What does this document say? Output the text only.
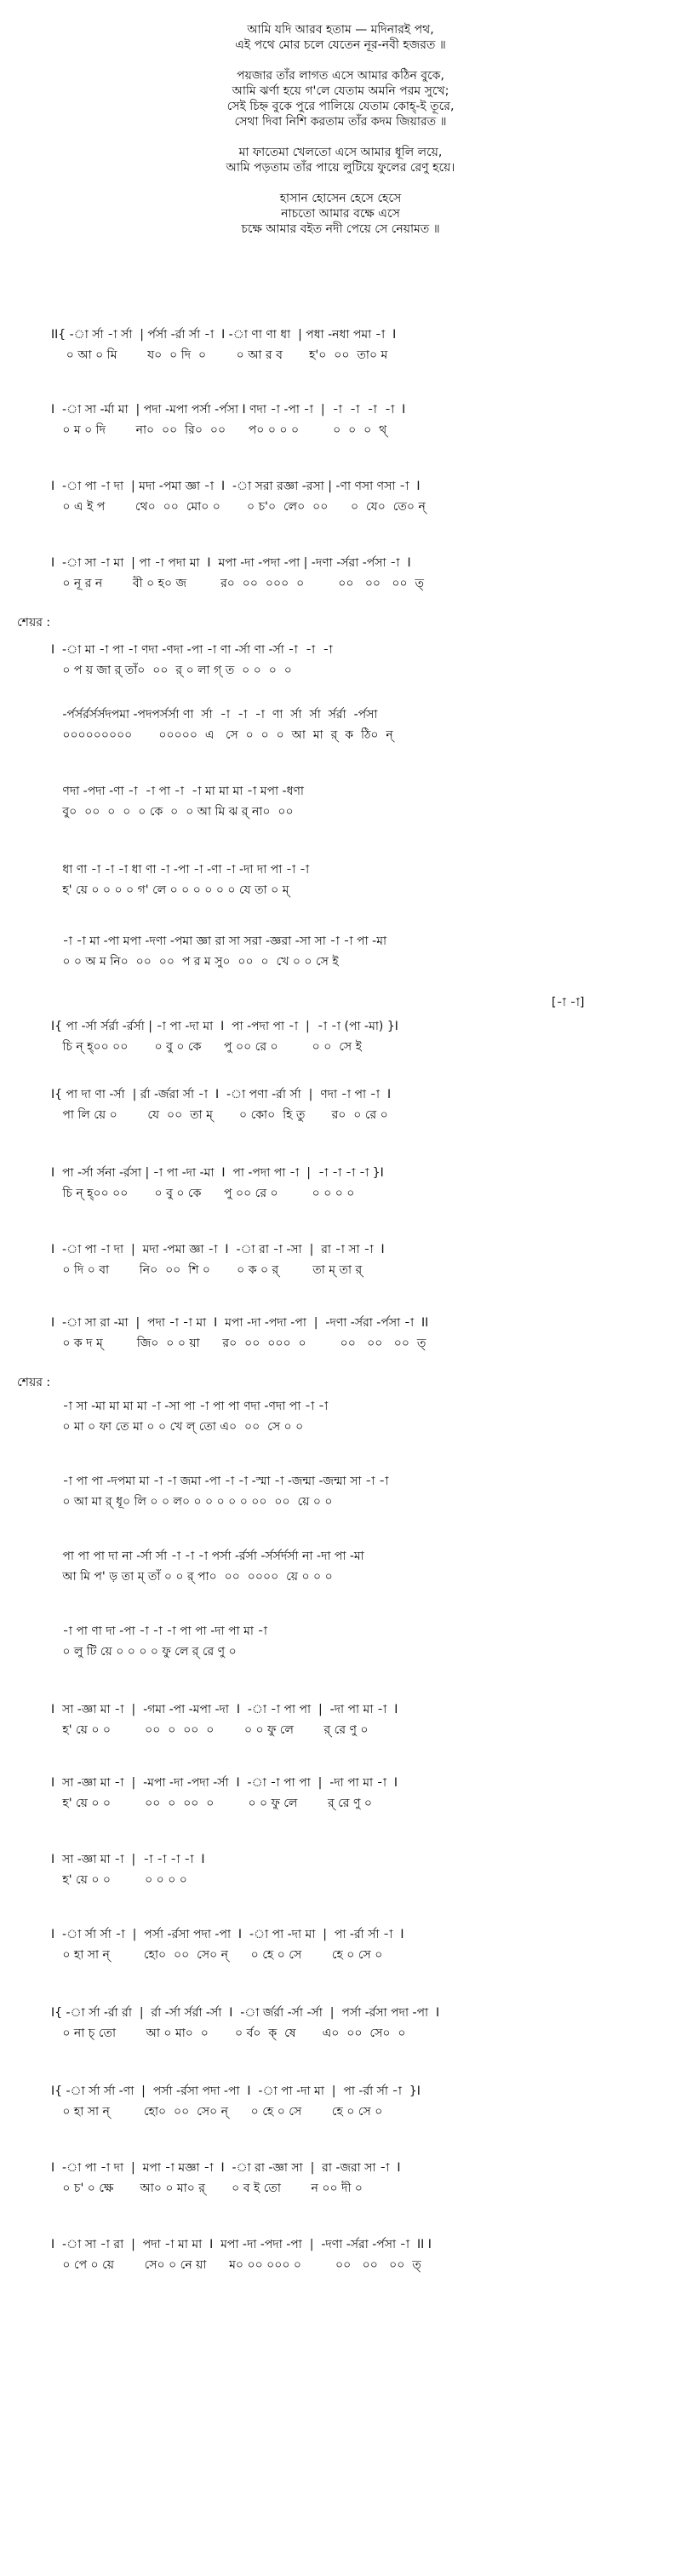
আমি যদি আরব হতাম — মদিনারই পথ,
এই পথে মোর চলে যেতেন নূর-নবী হজরত ॥
পয়জার তাঁর লাগত এসে আমার কঠিন বুকে,
আমি ঝর্ণা হয়ে গ'লে যেতাম অমনি পরম সুখে;
সেই চিহ্ন বুকে পুরে পালিয়ে যেতাম কোহ্-ই তূরে,
সেথা দিবা নিশি করতাম তাঁর কদম জিয়ারত ॥
মা ফাতেমা খেলতো এসে আমার ধূলি লয়ে,
আমি পড়তাম তাঁর পায়ে লুটিয়ে ফুলের রেণু হয়ে।
হাসান হোসেন হেসে হেসে
নাচতো আমার বক্ষে এসে
চক্ষে আমার বইত নদী পেয়ে সে নেয়ামত ॥
II{ -া র্সা -া র্সা  | র্পর্সা -র্রা র্সা -া  I -া ণা ণা ধা  | পধা -নধা পমা -া  I
০ আ ০ মি        য০  ০ দি  ০        ০ আ র ব       হ'০  ০০  তা০ ম
I  -া সা -র্মা মা  | পদা -মপা পর্সা -র্পসা I ণদা -া -পা -া  |  -া  -া  -া  -া  I
০ ম ০ দি        না০  ০০  রি০  ০০      প০ ০ ০ ০         ০  ০  ০  থ্
I  -া পা -া দা  | মদা -পমা জ্ঞা -া  I  -া সরা রজ্ঞা -রসা | -ণা ণসা ণসা -া  I
০ এ ই প        থে০  ০০  মো০ ০       ০ চ'০  লে০  ০০      ০  যে০  তে০ ন্
I  -া সা -া মা  | পা -া পদা মা  I  মপা -দা -পদা -পা | -দণা -র্সরা -র্পসা -া  I
০ নূ র ন        বী ০ হ০ জ         র০  ০০  ০০০  ০         ০০   ০০   ০০  ত্
শেয়র :
I  -া মা -া পা -া ণদা -ণদা -পা -া ণা -র্সা ণা -র্সা -া  -া  -া
০ প য় জা র্ তাঁ০  ০০  র্ ০ লা গ্ ত  ০ ০  ০  ০
-র্পর্সর্রর্সর্সদপমা -পদপর্সর্সা ণা  র্সা  -া  -া  -া  ণা  র্সা  র্সা  র্সর্রা  -র্পসা
০০০০০০০০০       ০০০০০  এ   সে  ০  ০  ০  আ  মা  র্  ক  ঠি০  ন্
ণদা -পদা -ণা -া  -া পা -া  -া মা মা মা -া মপা -ধণা
বু০  ০০  ০  ০  ০ কে  ০  ০ আ মি ঝ র্ না০  ০০
ধা ণা -া -া -া ধা ণা -া -পা -া -ণা -া -দা দা পা -া -া
হ' য়ে ০ ০ ০ ০ গ' লে ০ ০ ০ ০ ০ ০ যে তা ০ ম্
-া -া মা -পা মপা -দণা -পমা জ্ঞা রা সা সরা -জ্ঞরা -সা সা -া -া পা -মা
০ ০ অ ম নি০  ০০  ০০  প র ম সু০  ০০  ০  খে ০ ০ সে ই
[-া -া]
I{ পা -র্সা র্সর্রা -র্রর্সা | -া পা -দা মা  I  পা -পদা পা -া  |  -া -া (পা -মা) }I
চি ন্ হ্০০ ০০       ০ বু ০ কে      পু ০০ রে ০         ০ ০  সে ই
I{ পা দা ণা -র্সা  | র্রা -র্জরা র্সা -া  I  -া পণা -র্রা র্সা  |  ণদা -া পা -া  I
পা লি য়ে ০        যে  ০০  তা ম্       ০ কো০  হি তু       র০  ০ রে ০
I  পা -র্সা র্সনা -র্রসা | -া পা -দা -মা  I  পা -পদা পা -া  |  -া -া -া -া }I
চি ন্ হ্০০ ০০       ০ বু ০ কে      পু ০০ রে ০         ০ ০ ০ ০
I  -া পা -া দা  |  মদা -পমা জ্ঞা -া  I  -া রা -া -সা  |  রা -া সা -া  I
০ দি ০ বা        নি০  ০০  শি ০       ০ ক ০ র্         তা ম্ তা র্
I  -া সা রা -মা  |  পদা -া -া মা  I  মপা -দা -পদা -পা  |  -দণা -র্সরা -র্পসা -া  II
০ ক দ ম্         জি০  ০ ০ য়া      র০  ০০  ০০০  ০         ০০   ০০   ০০  ত্
শেয়র :
-া সা -মা মা মা মা -া -সা পা -া পা পা ণদা -ণদা পা -া -া
০ মা ০ ফা তে মা ০ ০ খে ল্ তো এ০  ০০  সে ০ ০
-া পা পা -দপমা মা -া -া জমা -পা -া -া -স্মা -া -জন্মা -জন্মা সা -া -া
০ আ মা র্ ধূ০ লি ০ ০ ল০ ০ ০ ০ ০ ০ ০০  ০০  য়ে ০ ০
পা পা পা দা না -র্সা র্সা -া -া -া পর্সা -র্রর্সা -র্সর্সর্দর্সা না -দা পা -মা
আ মি প' ড় তা ম্ তাঁ ০ ০ র্ পা০  ০০  ০০০০  য়ে ০ ০ ০
-া পা ণা দা -পা -া -া -া পা পা -দা পা মা -া
০ লু টি য়ে ০ ০ ০ ০ ফু লে র্ রে ণু ০
I  সা -জ্ঞা মা -া  |  -গমা -পা -মপা -দা  I  -া -া পা পা  |  -দা পা মা -া  I
হ' য়ে ০ ০         ০০  ০  ০০  ০        ০ ০ ফু লে        র্ রে ণু ০
I  সা -জ্ঞা মা -া  |  -মপা -দা -পদা -র্সা  I  -া -া পা পা  |  -দা পা মা -া  I
হ' য়ে ০ ০         ০০  ০  ০০  ০         ০ ০ ফু লে        র্ রে ণু ০
I  সা -জ্ঞা মা -া  |  -া -া -া -া  I
হ' য়ে ০ ০         ০ ০ ০ ০
I  -া র্সা র্সা -া  |  পর্সা -র্রসা পদা -পা  I  -া পা -দা মা  |  পা -র্রা র্সা -া  I
০ হা সা ন্         হো০  ০০  সে০ ন্      ০ হে ০ সে        হে ০ সে ০
I{ -া র্সা -র্রা র্রা  |  র্রা -র্সা র্সর্রা -র্সা  I  -া র্জর্রা -র্সা -র্সা  |  পর্সা -র্রসা পদা -পা  I
০ না চ্ তো        আ ০ মা০  ০       ০ র্ব০  ক্  ষে       এ০  ০০  সে০  ০
I{ -া র্সা র্সা -ণা  |  পর্সা -র্রসা পদা -পা  I  -া পা -দা মা  |  পা -র্রা র্সা -া  }I
০ হা সা ন্         হো০  ০০  সে০ ন্      ০ হে ০ সে        হে ০ সে ০
I  -া পা -া দা  |  মপা -া মজ্ঞা -া  I  -া রা -জ্ঞা সা  |  রা -জরা সা -া  I
০ চ' ০ ক্ষে       আ০ ০ মা০ র্       ০ ব ই তো        ন ০০ দী ০
I  -া সা -া রা  |  পদা -া মা মা  I  মপা -দা -পদা -পা  |  -দণা -র্সরা -র্পসা -া  II I
০ পে ০ য়ে        সে০ ০ নে য়া      ম০ ০০ ০০০ ০         ০০   ০০   ০০  ত্
